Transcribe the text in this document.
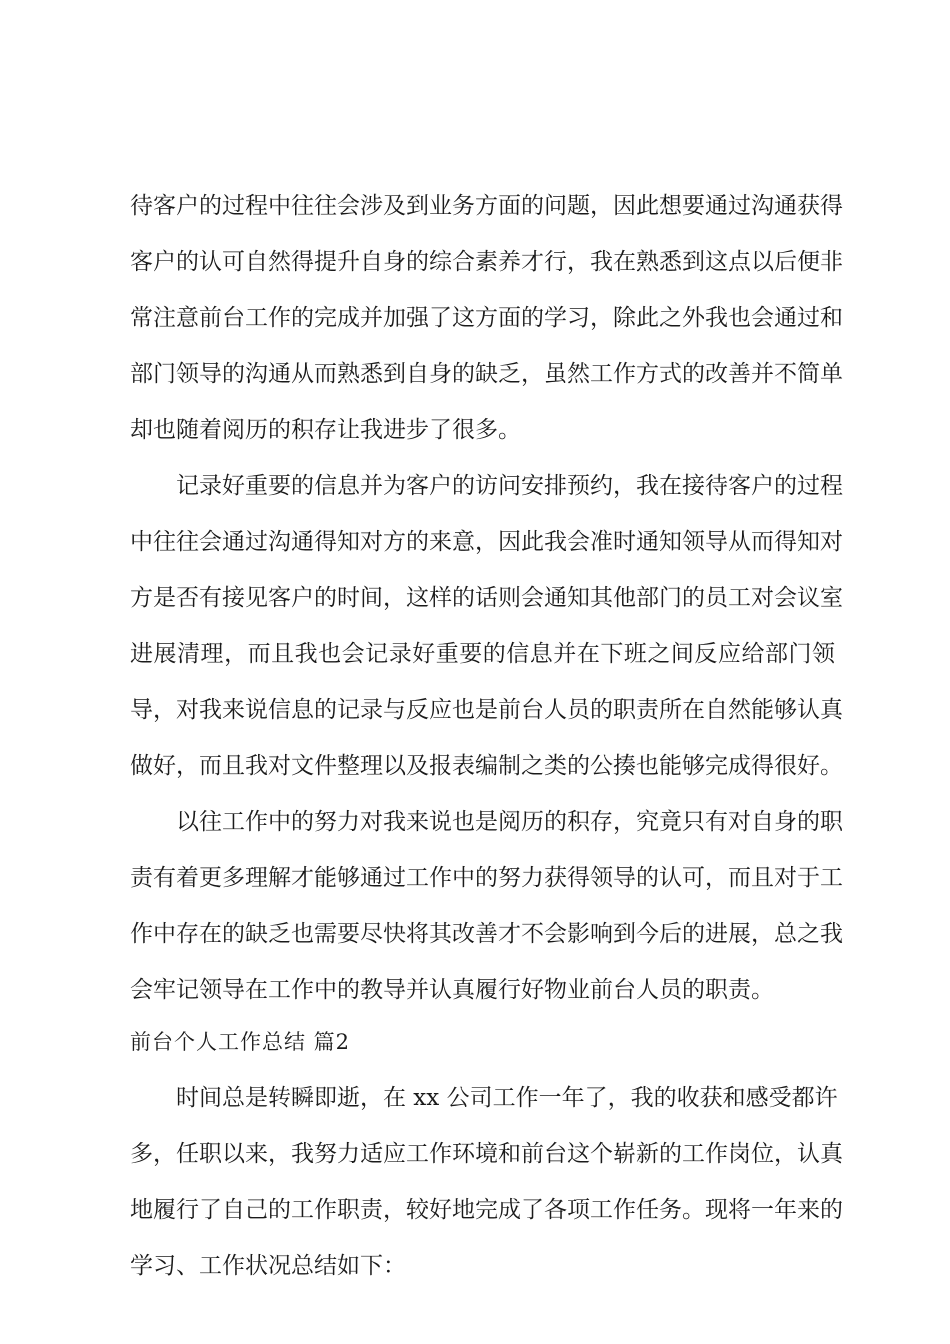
待客户的过程中往往会涉及到业务方面的问题，因此想要通过沟通获得
客户的认可自然得提升自身的综合素养才行，我在熟悉到这点以后便非
常注意前台工作的完成并加强了这方面的学习，除此之外我也会通过和
部门领导的沟通从而熟悉到自身的缺乏，虽然工作方式的改善并不简单
却也随着阅历的积存让我进步了很多。
记录好重要的信息并为客户的访问安排预约，我在接待客户的过程
中往往会通过沟通得知对方的来意，因此我会准时通知领导从而得知对
方是否有接见客户的时间，这样的话则会通知其他部门的员工对会议室
进展清理，而且我也会记录好重要的信息并在下班之间反应给部门领
导，对我来说信息的记录与反应也是前台人员的职责所在自然能够认真
做好，而且我对文件整理以及报表编制之类的公揍也能够完成得很好。
以往工作中的努力对我来说也是阅历的积存，究竟只有对自身的职
责有着更多理解才能够通过工作中的努力获得领导的认可，而且对于工
作中存在的缺乏也需要尽快将其改善才不会影响到今后的进展，总之我
会牢记领导在工作中的教导并认真履行好物业前台人员的职责。
前台个人工作总结 篇2
时间总是转瞬即逝，在 xx 公司工作一年了，我的收获和感受都许
多，任职以来，我努力适应工作环境和前台这个崭新的工作岗位，认真
地履行了自己的工作职责，较好地完成了各项工作任务。现将一年来的
学习、工作状况总结如下：
